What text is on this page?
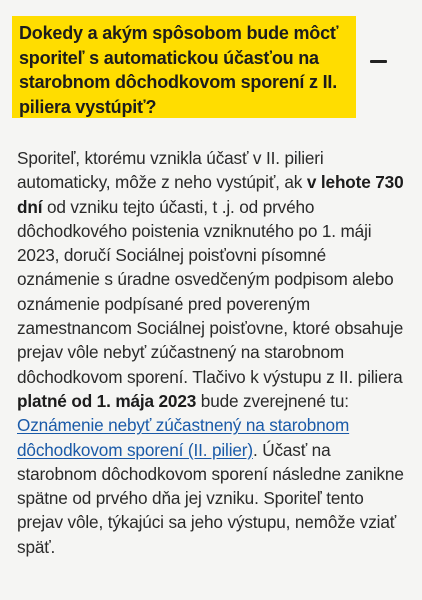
Dokedy a akým spôsobom bude môcť sporiteľ s automatickou účasťou na starobnom dôchodkovom sporení z II. piliera vystúpiť?

Sporiteľ, ktorému vznikla účasť v II. pilieri automaticky, môže z neho vystúpiť, ak v lehote 730 dní od vzniku tejto účasti, t .j. od prvého dôchodkového poistenia vzniknutého po 1. máji 2023, doručí Sociálnej poisťovni písomné oznámenie s úradne osvedčeným podpisom alebo oznámenie podpísané pred povereným zamestnancom Sociálnej poisťovne, ktoré obsahuje prejav vôle nebyť zúčastnený na starobnom dôchodkovom sporení. Tlačivo k výstupu z II. piliera platné od 1. mája 2023 bude zverejnené tu: Oznámenie nebyť zúčastnený na starobnom dôchodkovom sporení (II. pilier). Účasť na starobnom dôchodkovom sporení následne zanikne spätne od prvého dňa jej vzniku. Sporiteľ tento prejav vôle, týkajúci sa jeho výstupu, nemôže vziať späť.
